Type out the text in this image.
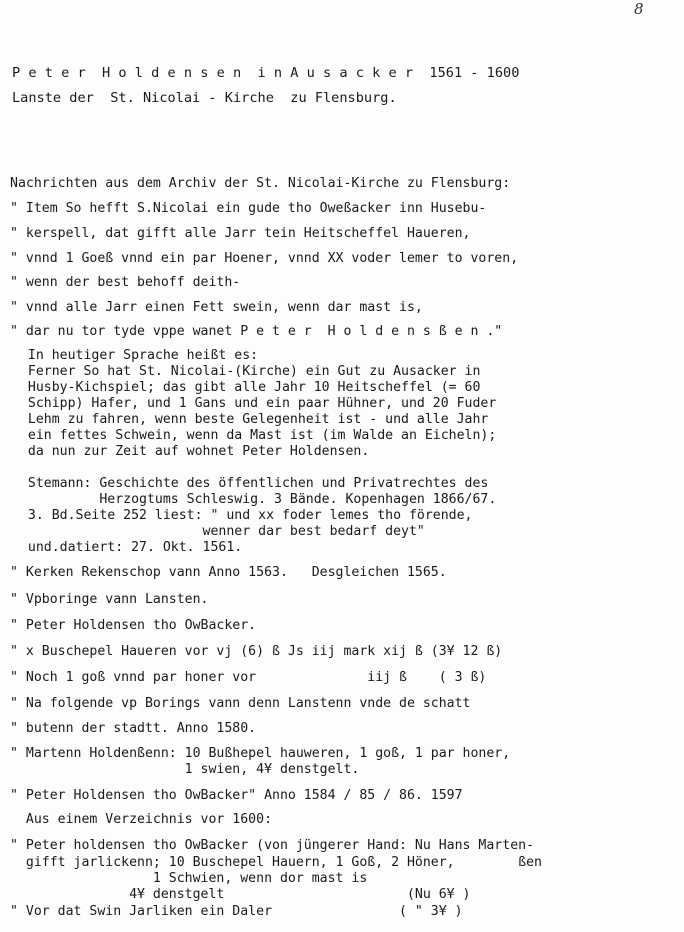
8
P e t e r  H o l d e n s e n  i n A u s a c k e r  1561 - 1600
Lanste der  St. Nicolai - Kirche  zu Flensburg.
Nachrichten aus dem Archiv der St. Nicolai-Kirche zu Flensburg:
" Item So hefft S.Nicolai ein gude tho Oweßacker inn Husebu-
" kerspell, dat gifft alle Jarr tein Heitscheffel Haueren,
" vnnd 1 Goeß vnnd ein par Hoener, vnnd XX voder lemer to voren,
" wenn der best behoff deith-
" vnnd alle Jarr einen Fett swein, wenn dar mast is,
" dar nu tor tyde vppe wanet P e t e r  H o l d e n s ß e n ."
In heutiger Sprache heißt es:
Ferner So hat St. Nicolai-(Kirche) ein Gut zu Ausacker in
Husby-Kichspiel; das gibt alle Jahr 10 Heitscheffel (= 60
Schipp) Hafer, und 1 Gans und ein paar Hühner, und 20 Fuder
Lehm zu fahren, wenn beste Gelegenheit ist - und alle Jahr
ein fettes Schwein, wenn da Mast ist (im Walde an Eicheln);
da nun zur Zeit auf wohnet Peter Holdensen.
Stemann: Geschichte des öffentlichen und Privatrechtes des
Herzogtums Schleswig. 3 Bände. Kopenhagen 1866/67.
3. Bd.Seite 252 liest: " und xx foder lemes tho förende,
wenner dar best bedarf deyt"
und.datiert: 27. Okt. 1561.
" Kerken Rekenschop vann Anno 1563.   Desgleichen 1565.
" Vpboringe vann Lansten.
" Peter Holdensen tho OwBacker.
" x Buschepel Haueren vor vj (6) ß Js iij mark xij ß (3¥ 12 ß)
" Noch 1 goß vnnd par honer vor              iij ß    ( 3 ß)
" Na folgende vp Borings vann denn Lanstenn vnde de schatt
" butenn der stadtt. Anno 1580.
" Martenn Holdenßenn: 10 Bußhepel hauweren, 1 goß, 1 par honer,
1 swien, 4¥ denstgelt.
" Peter Holdensen tho OwBacker" Anno 1584 / 85 / 86. 1597
Aus einem Verzeichnis vor 1600:
" Peter holdensen tho OwBacker (von jüngerer Hand: Nu Hans Marten-
gifft jarlickenn; 10 Buschepel Hauern, 1 Goß, 2 Höner,        ßen
1 Schwien, wenn dor mast is
4¥ denstgelt                       (Nu 6¥ )
" Vor dat Swin Jarliken ein Daler                ( " 3¥ )
